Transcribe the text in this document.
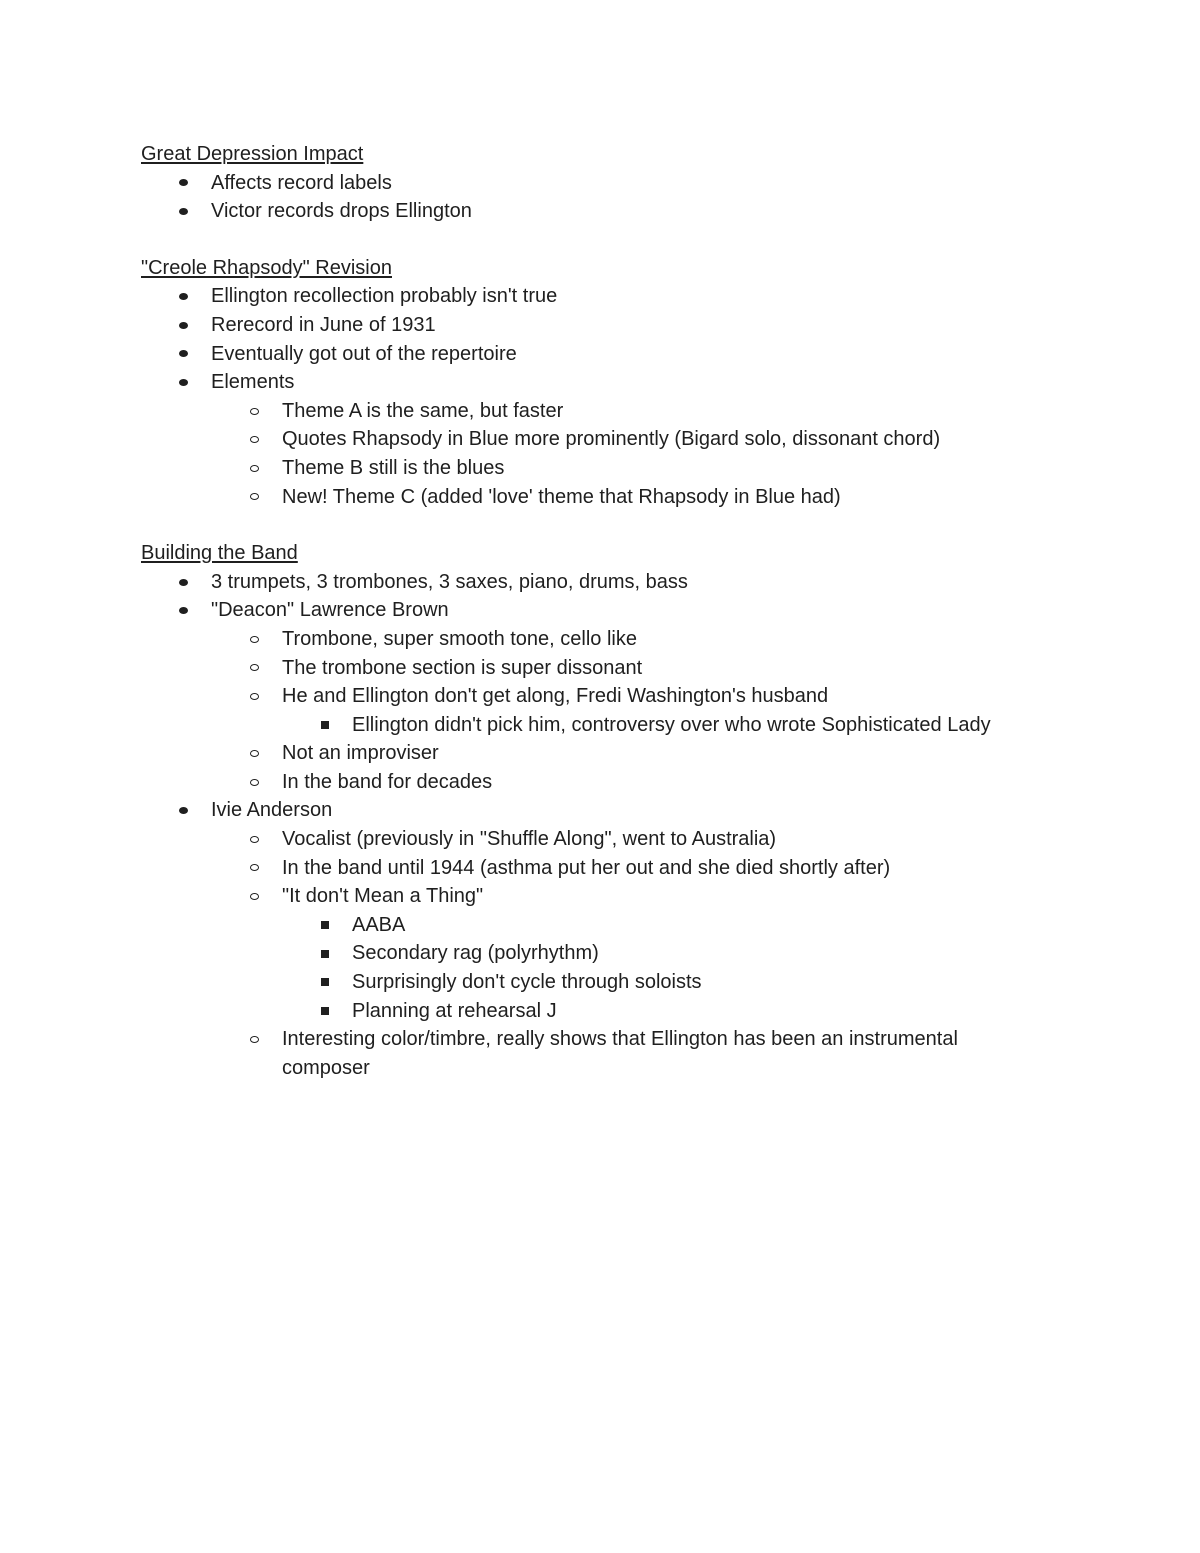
Great Depression Impact

Affects record labels
Victor records drops Ellington

"Creole Rhapsody" Revision

Ellington recollection probably isn't true
Rerecord in June of 1931
Eventually got out of the repertoire
Elements
Theme A is the same, but faster
Quotes Rhapsody in Blue more prominently (Bigard solo, dissonant chord)
Theme B still is the blues
New! Theme C (added 'love' theme that Rhapsody in Blue had)

Building the Band

3 trumpets, 3 trombones, 3 saxes, piano, drums, bass
"Deacon" Lawrence Brown
Trombone, super smooth tone, cello like
The trombone section is super dissonant
He and Ellington don't get along, Fredi Washington's husband
Ellington didn't pick him, controversy over who wrote Sophisticated Lady
Not an improviser
In the band for decades
Ivie Anderson
Vocalist (previously in "Shuffle Along", went to Australia)
In the band until 1944 (asthma put her out and she died shortly after)
"It don't Mean a Thing"
AABA
Secondary rag (polyrhythm)
Surprisingly don't cycle through soloists
Planning at rehearsal J
Interesting color/timbre, really shows that Ellington has been an instrumental
composer
